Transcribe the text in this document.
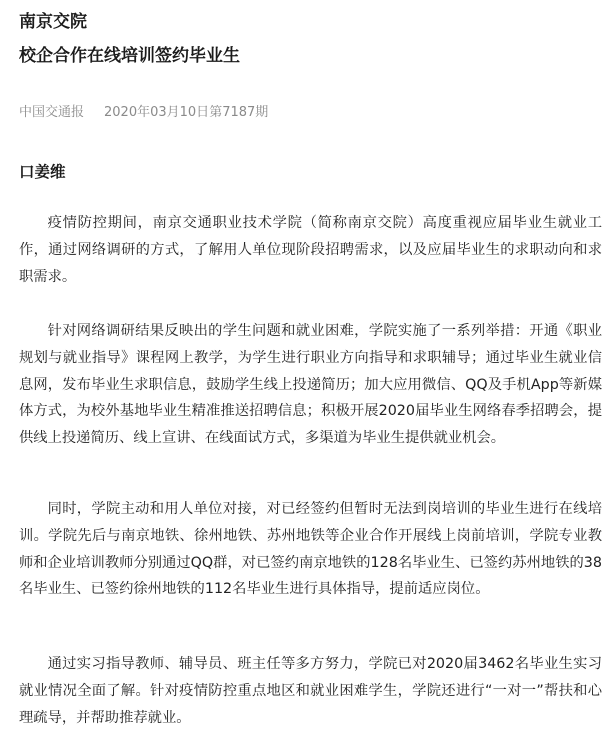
南京交院
校企合作在线培训签约毕业生
中国交通报 2020年03月10日第7187期
口姜维

疫情防控期间，南京交通职业技术学院（简称南京交院）高度重视应届毕业生就业工作，通过网络调研的方式，了解用人单位现阶段招聘需求，以及应届毕业生的求职动向和求职需求。

针对网络调研结果反映出的学生问题和就业困难，学院实施了一系列举措：开通《职业规划与就业指导》课程网上教学，为学生进行职业方向指导和求职辅导；通过毕业生就业信息网，发布毕业生求职信息，鼓励学生线上投递简历；加大应用微信、QQ及手机App等新媒体方式，为校外基地毕业生精准推送招聘信息；积极开展2020届毕业生网络春季招聘会，提供线上投递简历、线上宣讲、在线面试方式，多渠道为毕业生提供就业机会。

同时，学院主动和用人单位对接，对已经签约但暂时无法到岗培训的毕业生进行在线培训。学院先后与南京地铁、徐州地铁、苏州地铁等企业合作开展线上岗前培训，学院专业教师和企业培训教师分别通过QQ群，对已签约南京地铁的128名毕业生、已签约苏州地铁的38名毕业生、已签约徐州地铁的112名毕业生进行具体指导，提前适应岗位。

通过实习指导教师、辅导员、班主任等多方努力，学院已对2020届3462名毕业生实习就业情况全面了解。针对疫情防控重点地区和就业困难学生，学院还进行“一对一”帮扶和心理疏导，并帮助推荐就业。
